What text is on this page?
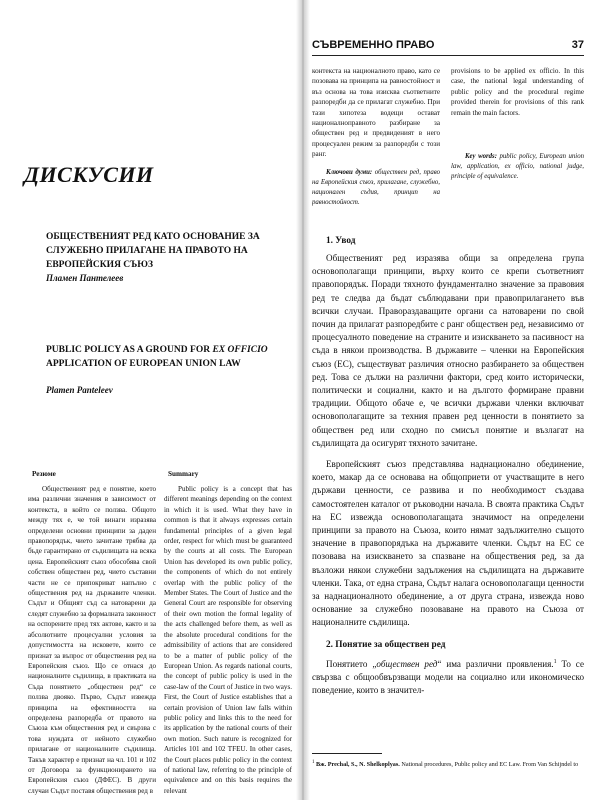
ДИСКУСИИ
ОБЩЕСТВЕНИЯТ РЕД КАТО ОСНОВАНИЕ ЗА СЛУЖЕБНО ПРИЛАГАНЕ НА ПРАВОТО НА ЕВРОПЕЙСКИЯ СЪЮЗ
Пламен Пантелеев
PUBLIC POLICY AS A GROUND FOR EX OFFICIO APPLICATION OF EUROPEAN UNION LAW
Plamen Panteleev
Резюме

Общественият ред е понятие, което има различни значения в зависимост от контекста, в който се ползва. Общото между тях е, че той винаги изразява определени основни принципи за даден правопорядък, чието зачитане трябва да бъде гарантирано от съдилищата на всяка цена. Европейският съюз обособява свой собствен обществен ред, чието съставни части не се припокриват напълно с обществения ред на държавите членки. Съдът и Общият съд са натоварени да следят служебно за формалната законност на оспорените пред тях актове, както и за абсолютните процесуални условия за допустимостта на исковете, които се признат за въпрос от обществения ред на Европейския съюз. Що се отнася до националните съдилища, в практиката на Съда понятието „обществен ред“ се ползва двояко. Първо, Съдът извежда принципа на ефективността на определена разпоредба от правото на Съюза към обществения ред и свързва с това нуждата от нейното служебно прилагане от националните съдилища. Такъв характер е признат на чл. 101 и 102 от Договора за функционирането на Европейския съюз (ДФЕС). В други случаи Съдът поставя обществения ред в

Summary

Public policy is a concept that has different meanings depending on the context in which it is used. What they have in common is that it always expresses certain fundamental principles of a given legal order, respect for which must be guaranteed by the courts at all costs. The European Union has developed its own public policy, the components of which do not entirely overlap with the public policy of the Member States. The Court of Justice and the General Court are responsible for observing of their own motion the formal legality of the acts challenged before them, as well as the absolute procedural conditions for the admissibility of actions that are considered to be a matter of public policy of the European Union. As regards national courts, the concept of public policy is used in the case-law of the Court of Justice in two ways. First, the Court of Justice establishes that a certain provision of Union law falls within public policy and links this to the need for its application by the national courts of their own motion. Such nature is recognized for Articles 101 and 102 TFEU. In other cases, the Court places public policy in the context of national law, referring to the principle of equivalence and on this basis requires the relevant

СЪВРЕМЕННО ПРАВО	37

контекста на националното право, като се позовава на принципа на равностойност и въз основа на това изисква съответните разпоредби да се прилагат служебно. При тази хипотеза водещи остават националноправното разбиране за обществен ред и предвиденият в него процесуален режим за разпоредби с този ранг.

Ключови думи: обществен ред, право на Европейския съюз, прилагане, служебно, национален съдия, принцип на равностойност.

provisions to be applied ex officio. In this case, the national legal understanding of public policy and the procedural regime provided therein for provisions of this rank remain the main factors.

Key words: public policy, European union law, application, ex officio, national judge, principle of equivalence.

1. Увод

Общественият ред изразява общи за определена група основополагащи принципи, върху които се крепи съответният правопорядък. Поради тяхното фундаментално значение за правовия ред те следва да бъдат съблюдавани при правоприлагането във всички случаи. Правораздаващите органи са натоварени по свой почин да прилагат разпоредбите с ранг обществен ред, независимо от процесуалното поведение на страните и изискването за пасивност на съда в някои производства. В държавите – членки на Европейския съюз (ЕС), съществуват различия относно разбирането за обществен ред. Това се дължи на различни фактори, сред които исторически, политически и социални, както и на дългото формиране правни традиции. Общото обаче е, че всички държави членки включват основополагащите за техния правен ред ценности в понятието за обществен ред или сходно по смисъл понятие и възлагат на съдилищата да осигурят тяхното зачитане.

Европейският съюз представлява наднационално обединение, което, макар да се основава на общоприети от участващите в него държави ценности, се развива и по необходимост създава самостоятелен каталог от ръководни начала. В своята практика Съдът на ЕС извежда основополагащата значимост на определени принципи за правото на Съюза, които нямат задължително същото значение в правопорядъка на държавите членки. Съдът на ЕС се позовава на изискването за спазване на обществения ред, за да възложи някои служебни задължения на съдилищата на държавите членки. Така, от една страна, Съдът налага основополагащи ценности за наднационалното обединение, а от друга страна, извежда ново основание за служебно позоваване на правото на Съюза от националните съдилища.

2. Понятие за обществен ред

Понятието „обществен ред“ има различни проявления.$^1$ То се свързва с общообвързващи модели на социално или икономическо поведение, които в значител-

$^1$ Вж. Prechal, S., N. Shelkoplyas. National procedures, Public policy and EC Law. From Van Schijndel to
